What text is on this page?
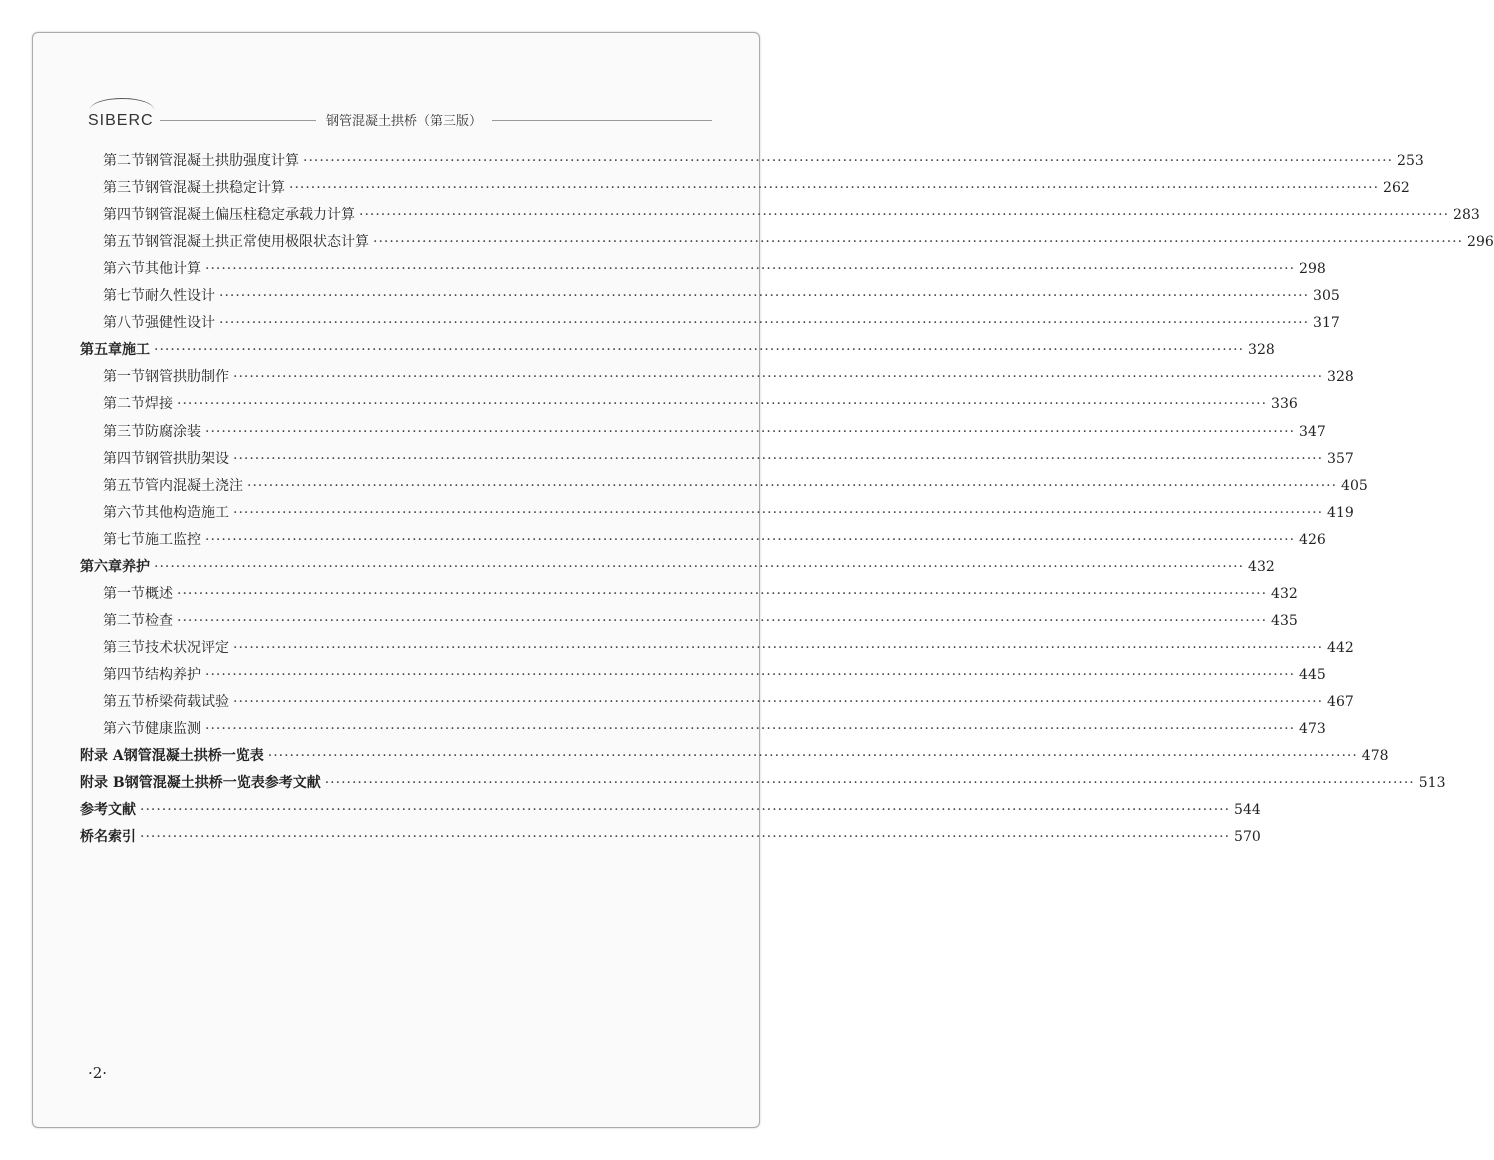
SIBERC	钢管混凝土拱桥（第三版）
第二节 钢管混凝土拱肋强度计算 ········································································································································································································ 253
第三节 钢管混凝土拱稳定计算 ········································································································································································································ 262
第四节 钢管混凝土偏压柱稳定承载力计算 ········································································································································································································ 283
第五节 钢管混凝土拱正常使用极限状态计算 ········································································································································································································ 296
第六节 其他计算 ········································································································································································································ 298
第七节 耐久性设计 ········································································································································································································ 305
第八节 强健性设计 ········································································································································································································ 317
第五章 施工 ········································································································································································································ 328
第一节 钢管拱肋制作 ········································································································································································································ 328
第二节 焊接 ········································································································································································································ 336
第三节 防腐涂装 ········································································································································································································ 347
第四节 钢管拱肋架设 ········································································································································································································ 357
第五节 管内混凝土浇注 ········································································································································································································ 405
第六节 其他构造施工 ········································································································································································································ 419
第七节 施工监控 ········································································································································································································ 426
第六章 养护 ········································································································································································································ 432
第一节 概述 ········································································································································································································ 432
第二节 检查 ········································································································································································································ 435
第三节 技术状况评定 ········································································································································································································ 442
第四节 结构养护 ········································································································································································································ 445
第五节 桥梁荷载试验 ········································································································································································································ 467
第六节 健康监测 ········································································································································································································ 473
附录 A 钢管混凝土拱桥一览表 ········································································································································································································ 478
附录 B 钢管混凝土拱桥一览表参考文献 ········································································································································································································ 513
参考文献 ········································································································································································································ 544
桥名索引 ········································································································································································································ 570
·2·
